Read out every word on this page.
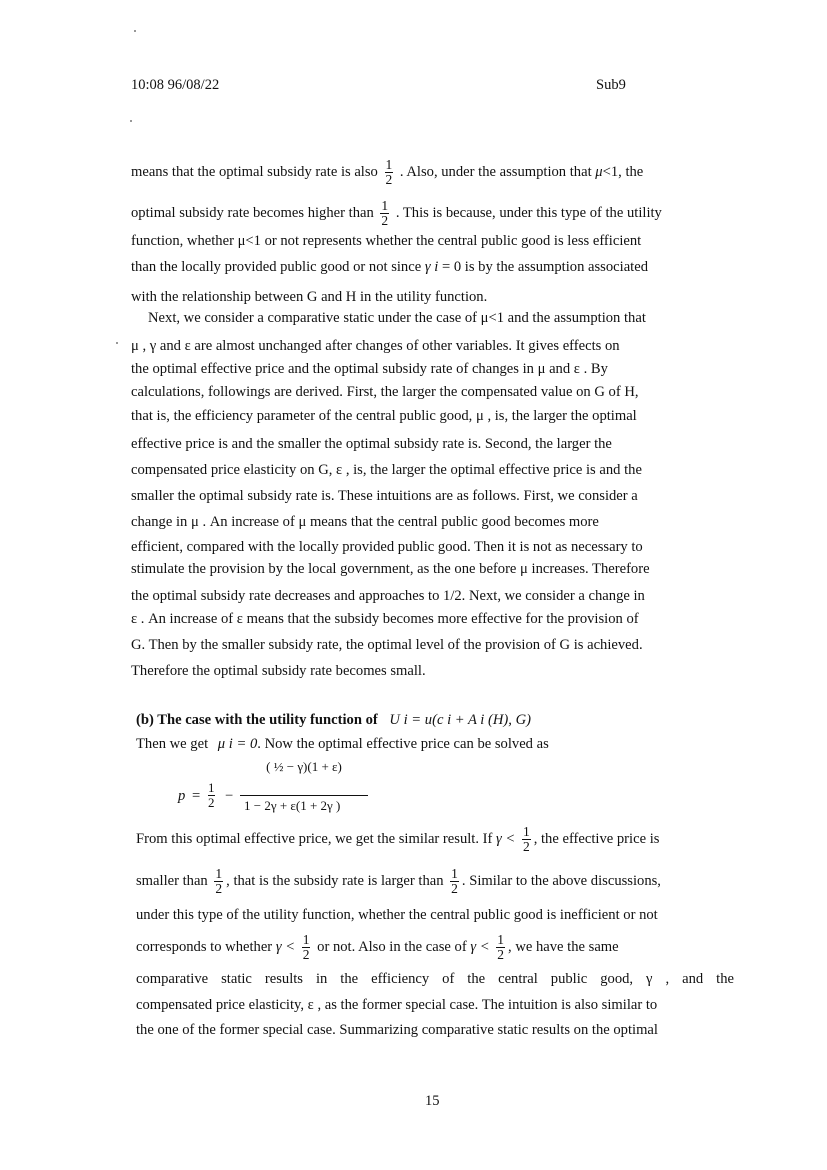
10:08 96/08/22	Sub9
means that the optimal subsidy rate is also $\frac{1}{2}$ . Also, under the assumption that μ<1, the
optimal subsidy rate becomes higher than $\frac{1}{2}$ . This is because, under this type of the utility
function, whether μ<1 or not represents whether the central public good is less efficient
than the locally provided public good or not since γ i = 0 is by the assumption associated
with the relationship between G and H in the utility function.
Next, we consider a comparative static under the case of μ<1 and the assumption that
μ , γ and ε are almost unchanged after changes of other variables. It gives effects on
the optimal effective price and the optimal subsidy rate of changes in μ and ε . By
calculations, followings are derived. First, the larger the compensated value on G of H,
that is, the efficiency parameter of the central public good, μ , is, the larger the optimal
effective price is and the smaller the optimal subsidy rate is. Second, the larger the
compensated price elasticity on G, ε , is, the larger the optimal effective price is and the
smaller the optimal subsidy rate is. These intuitions are as follows. First, we consider a
change in μ . An increase of μ means that the central public good becomes more
efficient, compared with the locally provided public good. Then it is not as necessary to
stimulate the provision by the local government, as the one before μ increases. Therefore
the optimal subsidy rate decreases and approaches to 1/2. Next, we consider a change in
ε . An increase of ε means that the subsidy becomes more effective for the provision of
G. Then by the smaller subsidy rate, the optimal level of the provision of G is achieved.
Therefore the optimal subsidy rate becomes small.
(b) The case with the utility function of U i = u(c i + A i (H), G)
Then we get μ i = 0. Now the optimal effective price can be solved as
p =
1
2 −
( ½ − γ)(1 + ε)
1 − 2γ + ε(1 + 2γ )
From this optimal effective price, we get the similar result. If $\gamma < \frac{1}{2}$ , the effective price is
smaller than $\frac{1}{2}$ , that is the subsidy rate is larger than $\frac{1}{2}$ . Similar to the above discussions,
under this type of the utility function, whether the central public good is inefficient or not
corresponds to whether $\gamma < \frac{1}{2}$ or not. Also in the case of $\gamma < \frac{1}{2}$ , we have the same
comparative static results in the efficiency of the central public good, γ , and the
compensated price elasticity, ε , as the former special case. The intuition is also similar to
the one of the former special case. Summarizing comparative static results on the optimal
15
